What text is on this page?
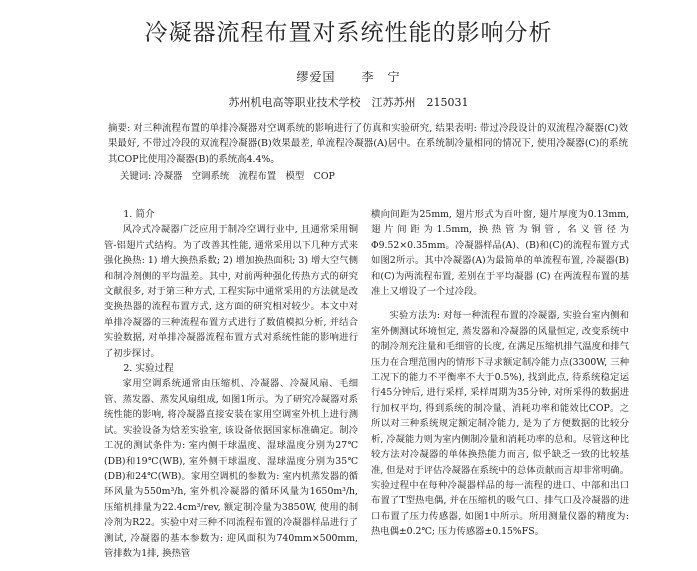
冷凝器流程布置对系统性能的影响分析
缪爱国　　李　宁
苏州机电高等职业技术学校　江苏苏州　215031
摘要: 对三种流程布置的单排冷凝器对空调系统的影响进行了仿真和实验研究, 结果表明: 带过冷段设计的双流程冷凝器(C)效果最好, 不带过冷段的双流程冷凝器(B)效果最差, 单流程冷凝器(A)居中。在系统制冷量相同的情况下, 使用冷凝器(C)的系统其COP比使用冷凝器(B)的系统高4.4%。
关键词: 冷凝器　空调系统　流程布置　模型　COP
1. 简介

风冷式冷凝器广泛应用于制冷空调行业中, 且通常采用铜管-铝翅片式结构。为了改善其性能, 通常采用以下几种方式来强化换热: 1) 增大换热系数; 2) 增加换热面积; 3) 增大空气侧和制冷剂侧的平均温差。其中, 对前两种强化传热方式的研究文献很多, 对于第三种方式, 工程实际中通常采用的方法就是改变换热器的流程布置方式, 这方面的研究相对较少。本文中对单排冷凝器的三种流程布置方式进行了数值模拟分析, 并结合实验数据, 对单排冷凝器流程布置方式对系统性能的影响进行了初步探讨。

2. 实验过程

家用空调系统通常由压缩机、冷凝器、冷凝风扇、毛细管、蒸发器、蒸发风扇组成, 如图1所示。为了研究冷凝器对系统性能的影响, 将冷凝器直接安装在家用空调室外机上进行测试。实验设备为焓差实验室, 该设备依据国家标准确定。制冷工况的测试条件为: 室内侧干球温度、湿球温度分别为27℃(DB)和19℃(WB), 室外侧干球温度、湿球温度分别为35℃(DB)和24℃(WB)。家用空调机的参数为: 室内机蒸发器的循环风量为550m³/h, 室外机冷凝器的循环风量为1650m³/h, 压缩机排量为22.4cm³/rev, 额定制冷量为3850W, 使用的制冷剂为R22。实验中对三种不同流程布置的冷凝器样品进行了测试, 冷凝器的基本参数为: 迎风面积为740mm×500mm, 管排数为1排, 换热管

横向间距为25mm, 翅片形式为百叶窗, 翅片厚度为0.13mm, 翅片间距为1.5mm, 换热管为铜管, 名义管径为Φ9.52×0.35mm。冷凝器样品(A)、(B)和(C)的流程布置方式如图2所示。其中冷凝器(A)为最简单的单流程布置, 冷凝器(B)和(C)为两流程布置, 差别在于平均凝器 (C) 在两流程布置的基准上又增设了一个过冷段。

实验方法为: 对每一种流程布置的冷凝器, 实验台室内侧和室外侧测试环境恒定, 蒸发器和冷凝器的风量恒定, 改变系统中的制冷剂充注量和毛细管的长度, 在满足压缩机排气温度和排气压力在合理范围内的情形下寻求额定制冷能力点(3300W, 三种工况下的能力不平衡率不大于0.5%), 找到此点, 待系统稳定运行45分钟后, 进行采样, 采样周期为35分钟, 对所采得的数据进行加权平均, 得到系统的制冷量、消耗功率和能效比COP。之所以对三种系统规定额定制冷能力, 是为了方便数据的比较分析, 冷凝能力则为室内侧制冷量和消耗功率的总和。尽管这种比较方法对冷凝器的单体换热能力而言, 似乎缺乏一致的比较基准, 但是对于评估冷凝器在系统中的总体贡献而言却非常明确。实验过程中在每种冷凝器样品的每一流程的进口、中部和出口布置了T型热电偶, 并在压缩机的吸气口、排气口及冷凝器的进口布置了压力传感器, 如图1中所示。所用测量仪器的精度为: 热电偶±0.2℃; 压力传感器±0.15%FS。
